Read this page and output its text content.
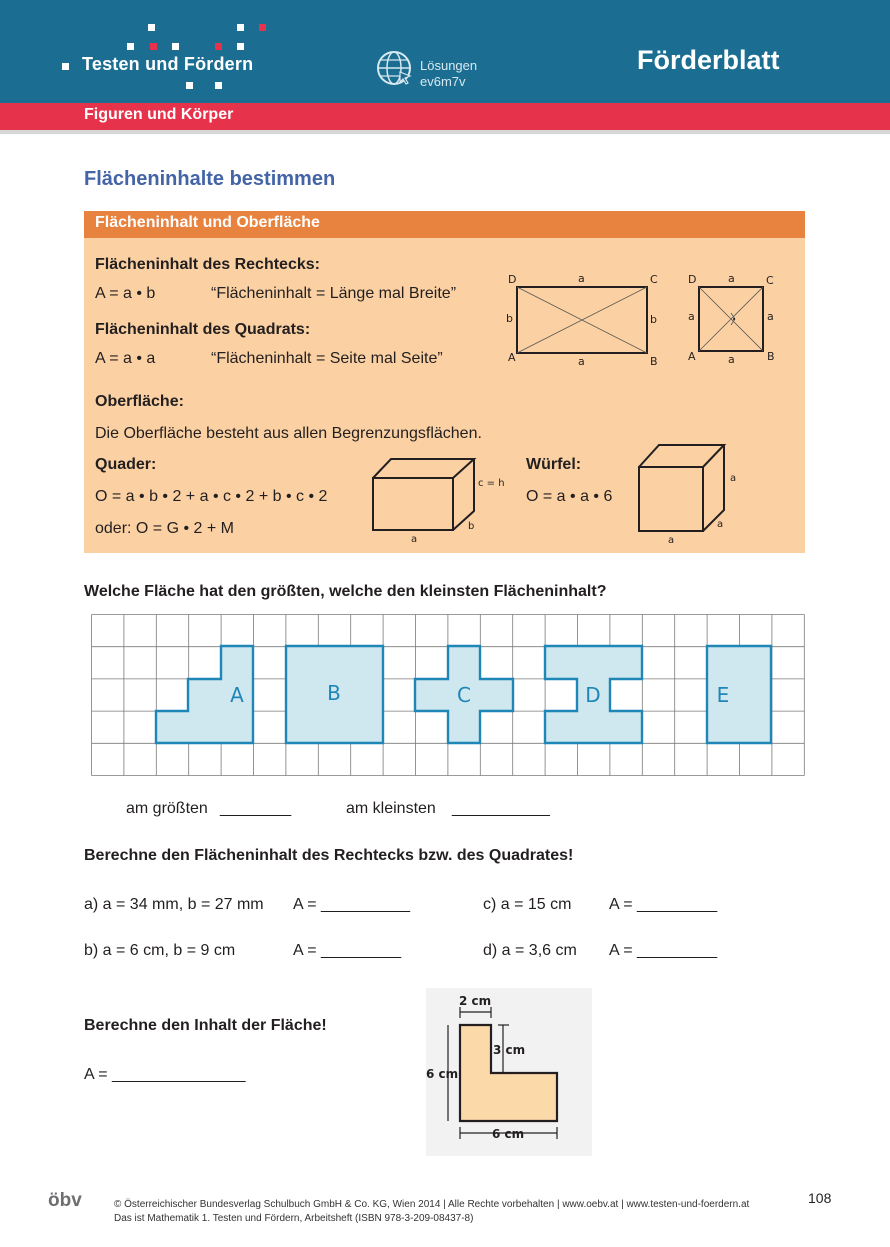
Testen und Fördern	Lösungen
ev6m7v
Förderblatt
Figuren und Körper
Flächeninhalte bestimmen
Flächeninhalt und Oberfläche
Flächeninhalt des Rechtecks:
A = a • b	“Flächeninhalt = Länge mal Breite”
Flächeninhalt des Quadrats:
A = a • a	“Flächeninhalt = Seite mal Seite”
Oberfläche:
Die Oberfläche besteht aus allen Begrenzungsflächen.
Quader:
O = a • b • 2 + a • c • 2 + b • c • 2
oder: O = G • 2 + M
Würfel:
O = a • a • 6
D	C
A	B
a
a
b	b
D	C
A	B
a
a
a	a
c = h
a
b
a
a
a
Welche Fläche hat den größten, welche den kleinsten Flächeninhalt?
A	B	C	D	E
am größten ________	am kleinsten ___________
Berechne den Flächeninhalt des Rechtecks bzw. des Quadrates!
a) a = 34 mm, b = 27 mm A = __________
b) a = 6 cm, b = 9 cm	A = _________
c) a = 15 cm A = _________
d) a = 3,6 cm A = _________
Berechne den Inhalt der Fläche!
A = _______________
2 cm
3 cm
6 cm
6 cm
öbv	© Österreichischer Bundesverlag Schulbuch GmbH & Co. KG, Wien 2014 | Alle Rechte vorbehalten | www.oebv.at | www.testen-und-foerdern.at
Das ist Mathematik 1. Testen und Fördern, Arbeitsheft (ISBN 978-3-209-08437-8)
108
